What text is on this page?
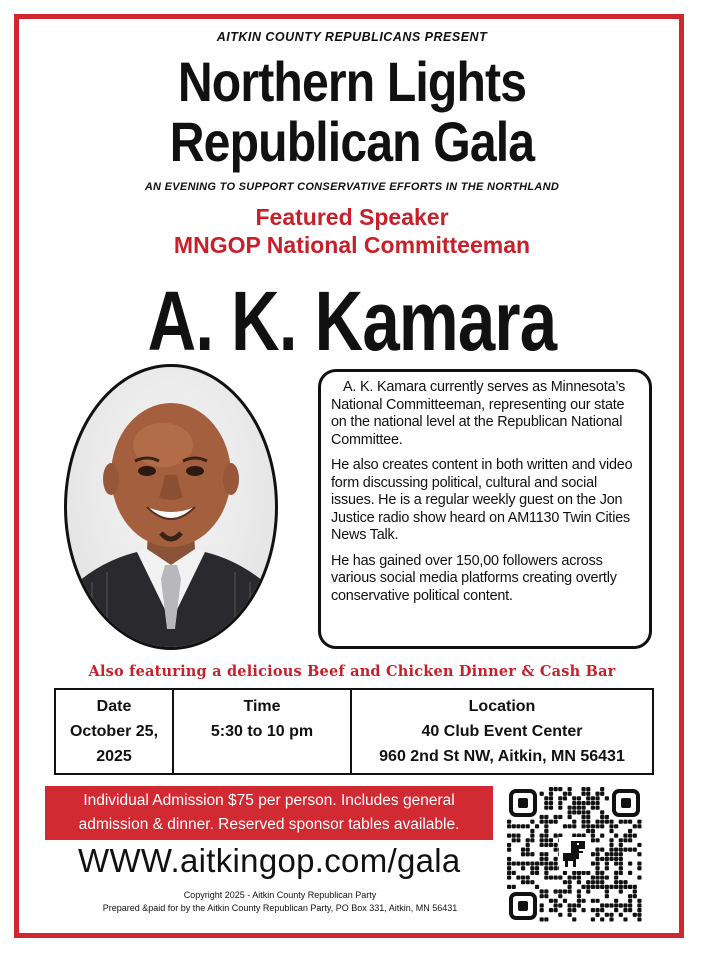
AITKIN COUNTY REPUBLICANS PRESENT
Northern Lights
Republican Gala
AN EVENING TO SUPPORT CONSERVATIVE EFFORTS IN THE NORTHLAND
Featured Speaker
MNGOP National Committeeman
A. K. Kamara

A. K. Kamara currently serves as Minnesota’s National Committeeman, representing our state on the national level at the Republican National Committee.

He also creates content in both written and video form discussing political, cultural and social issues. He is a regular weekly guest on the Jon Justice radio show heard on AM1130 Twin Cities News Talk.

He has gained over 150,00 followers across various social media platforms creating overtly conservative political content.

Also featuring a delicious Beef and Chicken Dinner & Cash Bar
Date
October 25,
2025
Time
5:30 to 10 pm
Location
40 Club Event Center
960 2nd St NW, Aitkin, MN 56431
Individual Admission $75 per person. Includes general
admission & dinner. Reserved sponsor tables available.
WWW.aitkingop.com/gala
Copyright 2025 - Aitkin County Republican Party
Prepared &paid for by the Aitkin County Republican Party, PO Box 331, Aitkin, MN 56431
